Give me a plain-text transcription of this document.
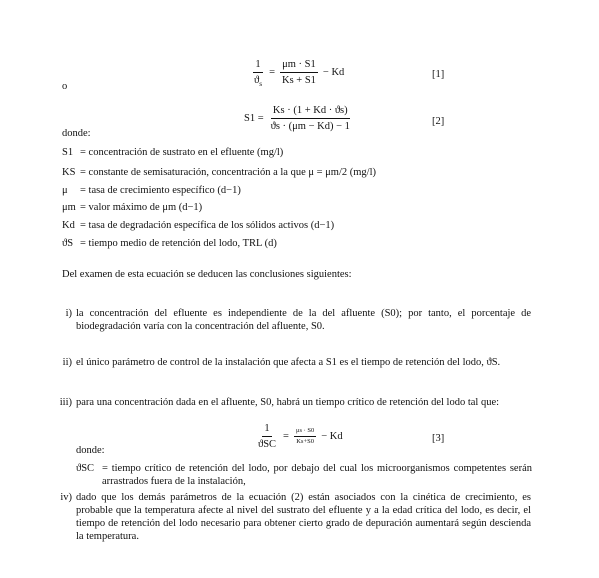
$\frac{1}{ϑ_s} = \frac{\mu m \cdot S1}{Ks + S1} - Kd$	[1]
o
$S1 = \frac{Ks \cdot (1 + Kd \cdot ϑs)}{ϑs \cdot (\mu m - Kd) - 1}$	[2]
donde:
S1 = concentración de sustrato en el efluente (mg/l)
KS = constante de semisaturación, concentración a la que μ = μm/2 (mg/l)
μ = tasa de crecimiento específico (d−1)
μm = valor máximo de μm (d−1)
Kd = tasa de degradación específica de los sólidos activos (d−1)
ϑS = tiempo medio de retención del lodo, TRL (d)
Del examen de esta ecuación se deducen las conclusiones siguientes:
i) la concentración del efluente es independiente de la del afluente (S0); por tanto, el porcentaje de biodegradación varía con la concentración del afluente, S0.
ii) el único parámetro de control de la instalación que afecta a S1 es el tiempo de retención del lodo, ϑS.
iii) para una concentración dada en el afluente, S0, habrá un tiempo crítico de retención del lodo tal que:
$\frac{1}{\text{ϑSC}} = \frac{\mu s \cdot S0}{Ks+S0} - Kd$	[3]
donde:
ϑSC = tiempo crítico de retención del lodo, por debajo del cual los microorganismos competentes serán arrastrados fuera de la instalación,
iv) dado que los demás parámetros de la ecuación (2) están asociados con la cinética de crecimiento, es probable que la temperatura afecte al nivel del sustrato del efluente y a la edad crítica del lodo, es decir, el tiempo de retención del lodo necesario para obtener cierto grado de depuración aumentará según descienda la temperatura.
